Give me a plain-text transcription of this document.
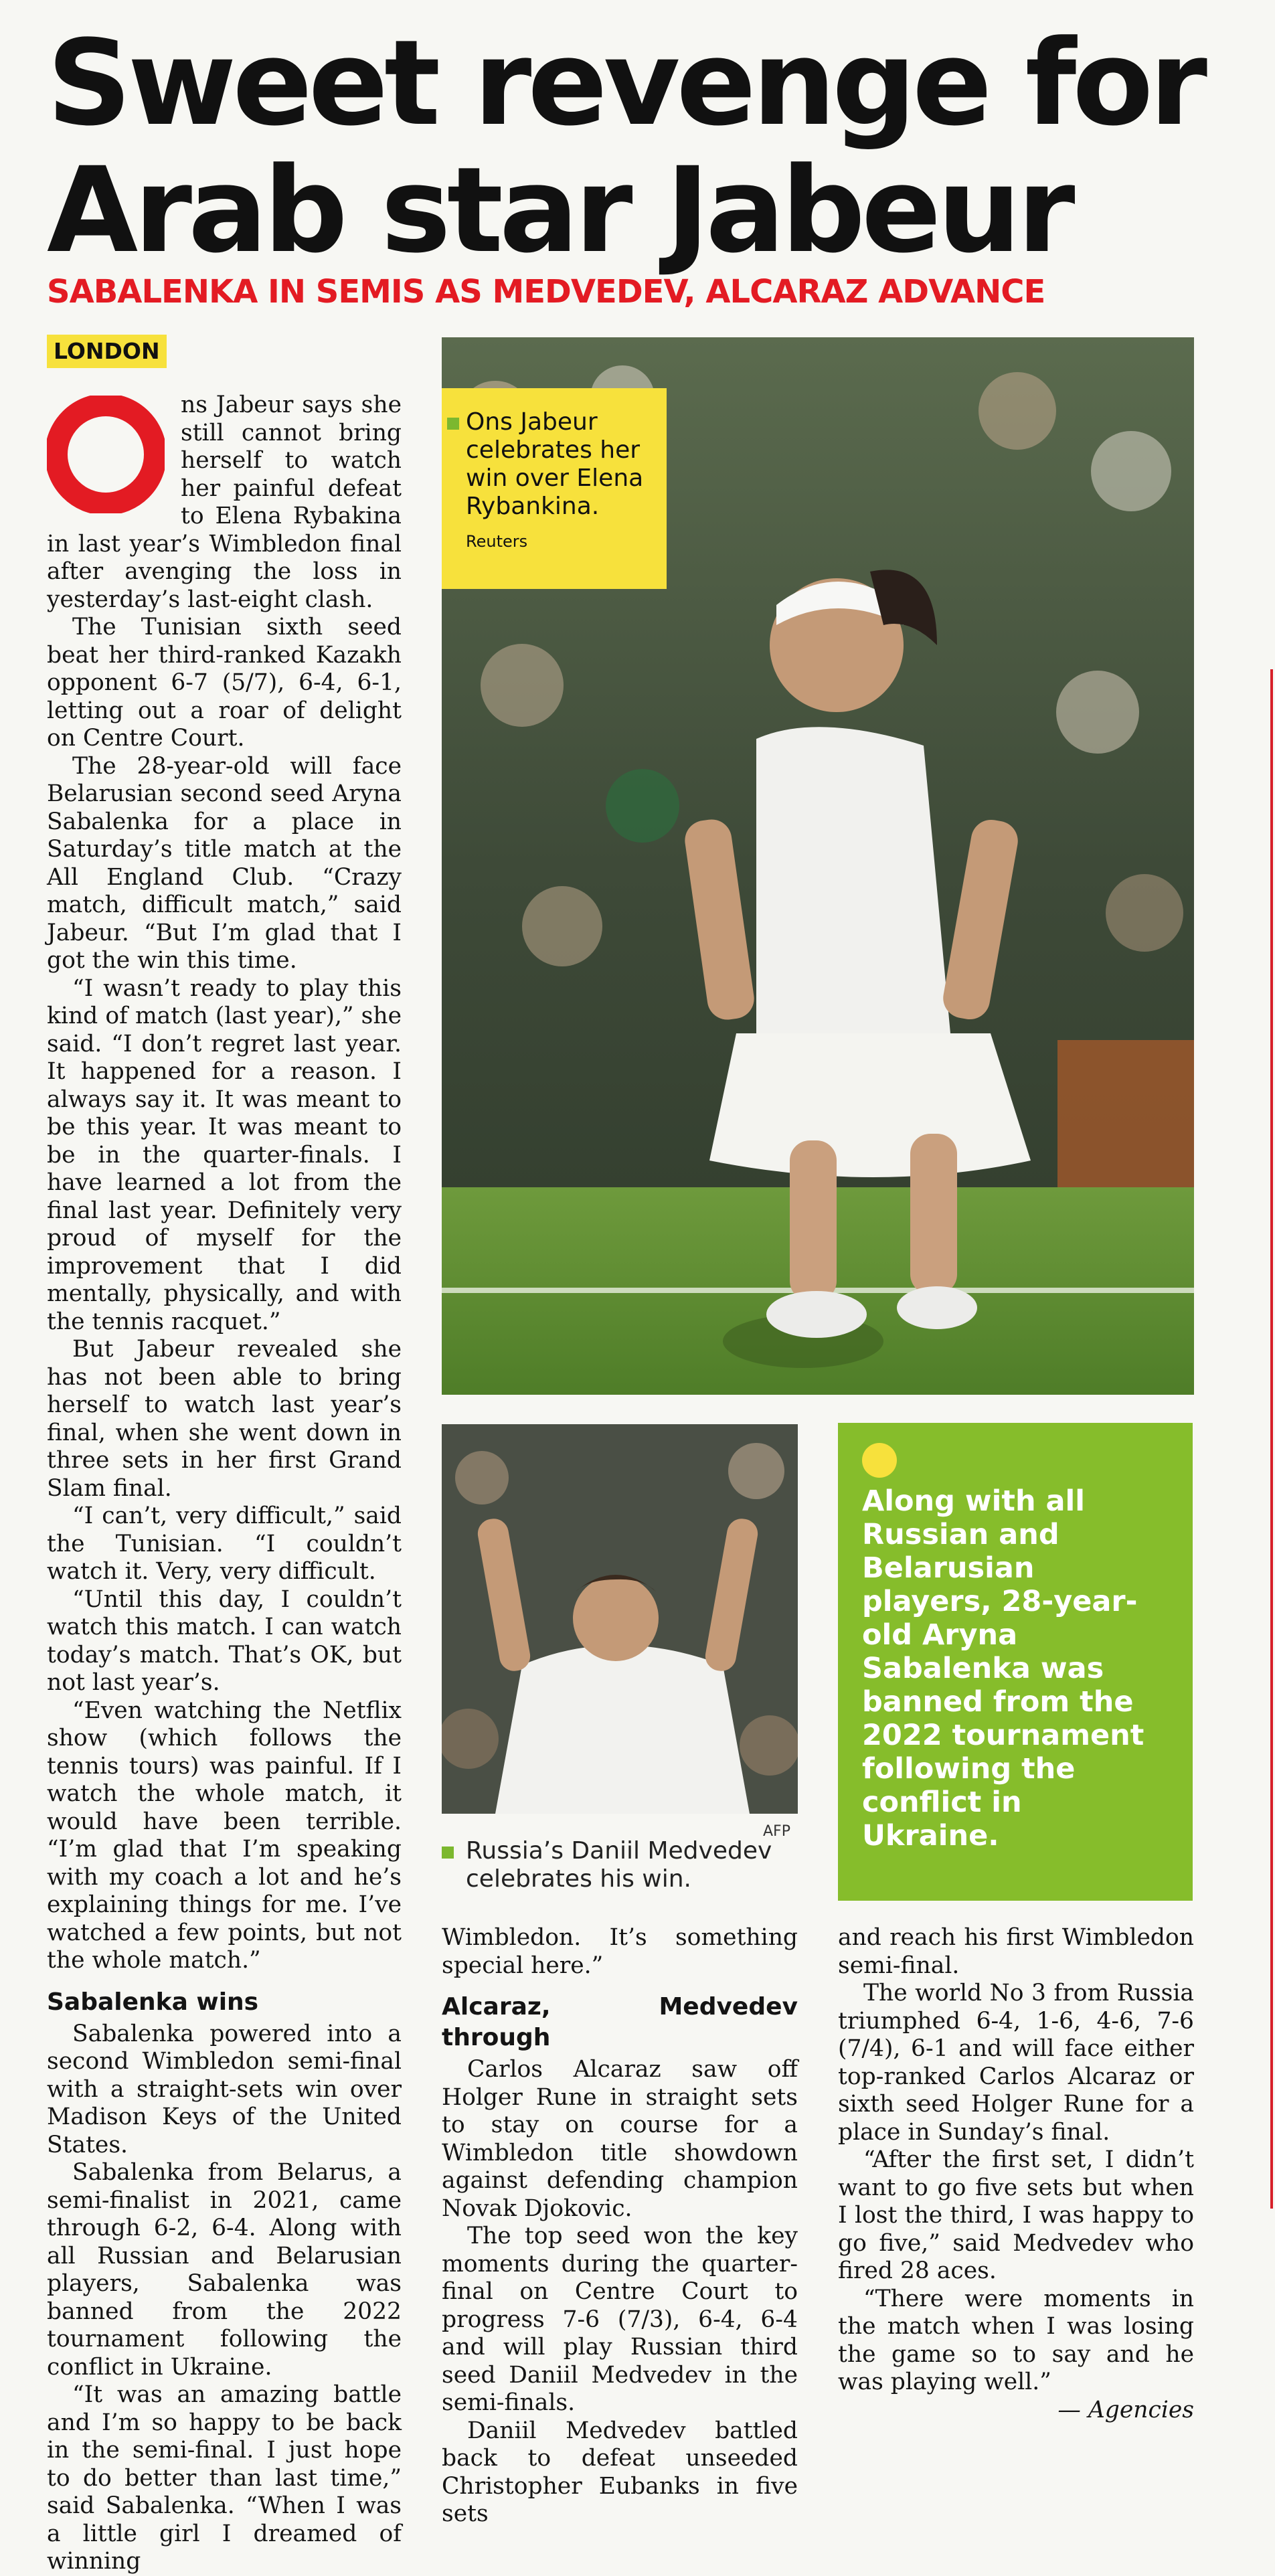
Sweet revenge for Arab star Jabeur
SABALENKA IN SEMIS AS MEDVEDEV, ALCARAZ ADVANCE
LONDON

ns Jabeur says she still cannot bring herself to watch her painful defeat to Elena Rybakina in last year’s Wimbledon final after avenging the loss in yesterday’s last-eight clash.

The Tunisian sixth seed beat her third-ranked Kazakh opponent 6-7 (5/7), 6-4, 6-1, letting out a roar of delight on Centre Court.

The 28-year-old will face Belarusian second seed Aryna Sabalenka for a place in Saturday’s title match at the All England Club. “Crazy match, difficult match,” said Jabeur. “But I’m glad that I got the win this time.

“I wasn’t ready to play this kind of match (last year),” she said. “I don’t regret last year. It happened for a reason. I always say it. It was meant to be this year. It was meant to be in the quarter-finals. I have learned a lot from the final last year. Definitely very proud of myself for the improvement that I did mentally, physically, and with the tennis racquet.”

But Jabeur revealed she has not been able to bring herself to watch last year’s final, when she went down in three sets in her first Grand Slam final.

“I can’t, very difficult,” said the Tunisian. “I couldn’t watch it. Very, very difficult.

“Until this day, I couldn’t watch this match. I can watch today’s match. That’s OK, but not last year’s.

“Even watching the Netflix show (which follows the tennis tours) was painful. If I watch the whole match, it would have been terrible. “I’m glad that I’m speaking with my coach a lot and he’s explaining things for me. I’ve watched a few points, but not the whole match.”

Sabalenka wins

Sabalenka powered into a second Wimbledon semi-final with a straight-sets win over Madison Keys of the United States.

Sabalenka from Belarus, a semi-finalist in 2021, came through 6-2, 6-4. Along with all Russian and Belarusian players, Sabalenka was banned from the 2022 tournament following the conflict in Ukraine.

“It was an amazing battle and I’m so happy to be back in the semi-final. I just hope to do better than last time,” said Sabalenka. “When I was a little girl I dreamed of winning

Ons Jabeur celebrates her win over Elena Rybankina.
Reuters
AFP
Russia’s Daniil Medvedev celebrates his win.
Along with all Russian and Belarusian players, 28-year-old Aryna Sabalenka was banned from the 2022 tournament following the conflict in Ukraine.

Wimbledon. It’s something special here.”

Alcaraz, Medvedev through

Carlos Alcaraz saw off Holger Rune in straight sets to stay on course for a Wimbledon title showdown against defending champion Novak Djokovic.

The top seed won the key moments during the quarter-final on Centre Court to progress 7-6 (7/3), 6-4, 6-4 and will play Russian third seed Daniil Medvedev in the semi-finals.

Daniil Medvedev battled back to defeat unseeded Christopher Eubanks in five sets

and reach his first Wimbledon semi-final.

The world No 3 from Russia triumphed 6-4, 1-6, 4-6, 7-6 (7/4), 6-1 and will face either top-ranked Carlos Alcaraz or sixth seed Holger Rune for a place in Sunday’s final.

“After the first set, I didn’t want to go five sets but when I lost the third, I was happy to go five,” said Medvedev who fired 28 aces.

“There were moments in the match when I was losing the game so to say and he was playing well.”

— Agencies
